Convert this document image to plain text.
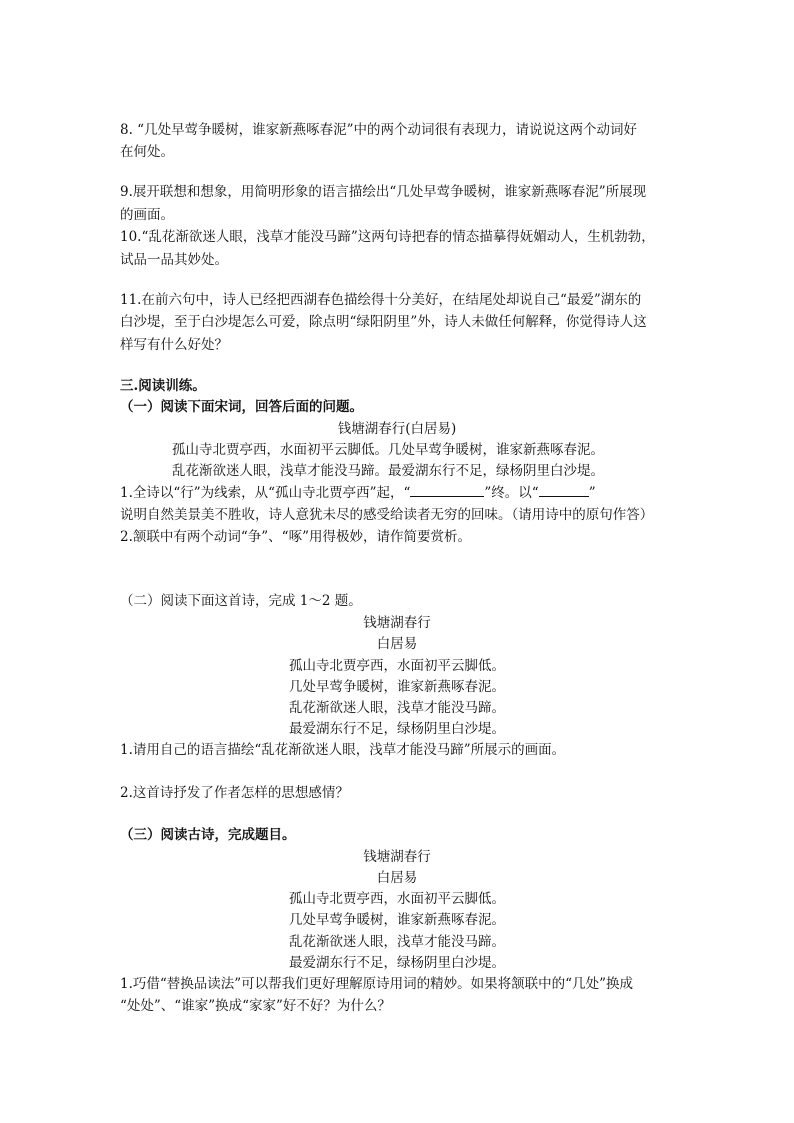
8. “几处早莺争暖树，谁家新燕啄春泥”中的两个动词很有表现力，请说说这两个动词好
在何处。
9.展开联想和想象，用简明形象的语言描绘出“几处早莺争暖树，谁家新燕啄春泥”所展现
的画面。
10.“乱花渐欲迷人眼，浅草才能没马蹄”这两句诗把春的情态描摹得妩媚动人，生机勃勃，
试品一品其妙处。
11.在前六句中，诗人已经把西湖春色描绘得十分美好，在结尾处却说自己“最爱”湖东的
白沙堤，至于白沙堤怎么可爱，除点明“绿阳阴里”外，诗人未做任何解释，你觉得诗人这
样写有什么好处？
三.阅读训练。
（一）阅读下面宋词，回答后面的问题。
钱塘湖春行(白居易)
孤山寺北贾亭西，水面初平云脚低。几处早莺争暖树，谁家新燕啄春泥。
乱花渐欲迷人眼，浅草才能没马蹄。最爱湖东行不足，绿杨阴里白沙堤。
1.全诗以“行”为线索，从“孤山寺北贾亭西”起，“	”终。以“	”
说明自然美景美不胜收，诗人意犹未尽的感受给读者无穷的回味。（请用诗中的原句作答）
2.颔联中有两个动词“争”、“啄”用得极妙，请作简要赏析。
（二）阅读下面这首诗，完成 1～2 题。
钱塘湖春行
白居易
孤山寺北贾亭西，水面初平云脚低。
几处早莺争暖树，谁家新燕啄春泥。
乱花渐欲迷人眼，浅草才能没马蹄。
最爱湖东行不足，绿杨阴里白沙堤。
1.请用自己的语言描绘“乱花渐欲迷人眼，浅草才能没马蹄”所展示的画面。
2.这首诗抒发了作者怎样的思想感情？
（三）阅读古诗，完成题目。
钱塘湖春行
白居易
孤山寺北贾亭西，水面初平云脚低。
几处早莺争暖树，谁家新燕啄春泥。
乱花渐欲迷人眼，浅草才能没马蹄。
最爱湖东行不足，绿杨阴里白沙堤。
1.巧借“替换品读法”可以帮我们更好理解原诗用词的精妙。如果将颔联中的“几处”换成
“处处”、“谁家”换成“家家”好不好？为什么？
